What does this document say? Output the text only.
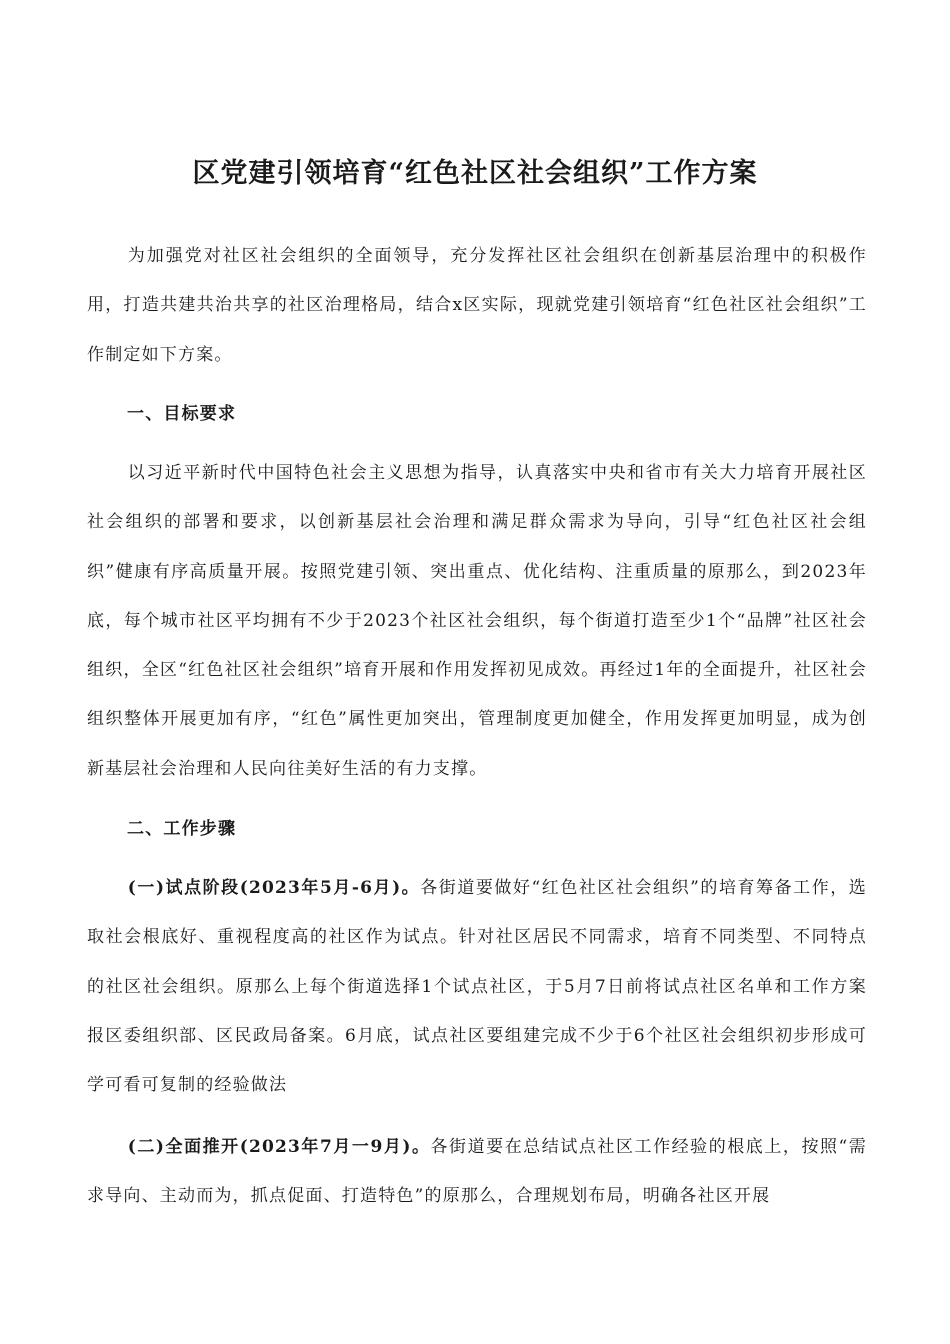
区党建引领培育“红色社区社会组织”工作方案

为加强党对社区社会组织的全面领导，充分发挥社区社会组织在创新基层治理中的积极作用，打造共建共治共享的社区治理格局，结合x区实际，现就党建引领培育“红色社区社会组织”工作制定如下方案。

一、目标要求

以习近平新时代中国特色社会主义思想为指导，认真落实中央和省市有关大力培育开展社区社会组织的部署和要求，以创新基层社会治理和满足群众需求为导向，引导“红色社区社会组织”健康有序高质量开展。按照党建引领、突出重点、优化结构、注重质量的原那么，到2023年底，每个城市社区平均拥有不少于2023个社区社会组织，每个街道打造至少1个“品牌”社区社会组织，全区“红色社区社会组织”培育开展和作用发挥初见成效。再经过1年的全面提升，社区社会组织整体开展更加有序，“红色”属性更加突出，管理制度更加健全，作用发挥更加明显，成为创新基层社会治理和人民向往美好生活的有力支撑。

二、工作步骤

(一)试点阶段(2023年5月-6月)。各街道要做好“红色社区社会组织”的培育筹备工作，选取社会根底好、重视程度高的社区作为试点。针对社区居民不同需求，培育不同类型、不同特点的社区社会组织。原那么上每个街道选择1个试点社区，于5月7日前将试点社区名单和工作方案报区委组织部、区民政局备案。6月底，试点社区要组建完成不少于6个社区社会组织初步形成可学可看可复制的经验做法

(二)全面推开(2023年7月一9月)。各街道要在总结试点社区工作经验的根底上，按照“需求导向、主动而为，抓点促面、打造特色”的原那么，合理规划布局，明确各社区开展
